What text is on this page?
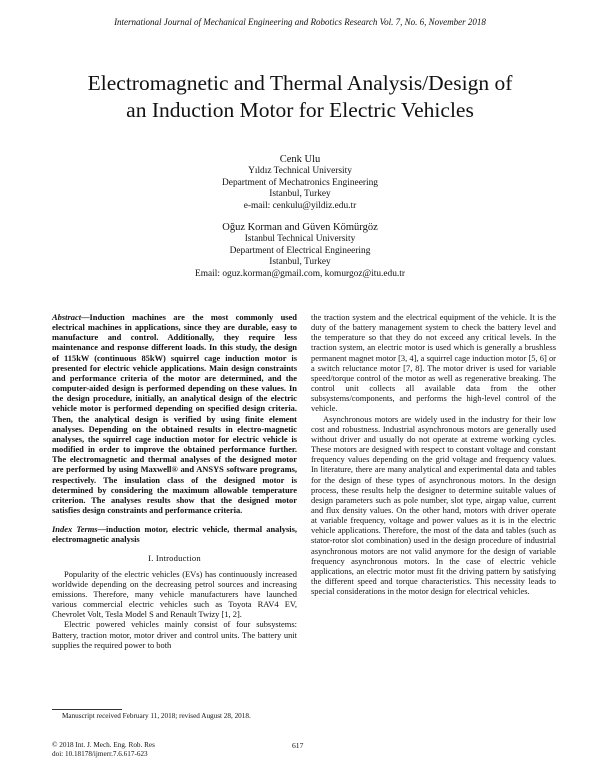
International Journal of Mechanical Engineering and Robotics Research Vol. 7, No. 6, November 2018
Electromagnetic and Thermal Analysis/Design of
an Induction Motor for Electric Vehicles
Cenk Ulu
Yıldız Technical University
Department of Mechatronics Engineering
Istanbul, Turkey
e-mail: cenkulu@yildiz.edu.tr
Oğuz Korman and Güven Kömürgöz
Istanbul Technical University
Department of Electrical Engineering
Istanbul, Turkey
Email: oguz.korman@gmail.com, komurgoz@itu.edu.tr

Abstract—Induction machines are the most commonly used electrical machines in applications, since they are durable, easy to manufacture and control. Additionally, they require less maintenance and response different loads. In this study, the design of 115kW (continuous 85kW) squirrel cage induction motor is presented for electric vehicle applications. Main design constraints and performance criteria of the motor are determined, and the computer-aided design is performed depending on these values. In the design procedure, initially, an analytical design of the electric vehicle motor is performed depending on specified design criteria. Then, the analytical design is verified by using finite element analyses. Depending on the obtained results in electro-magnetic analyses, the squirrel cage induction motor for electric vehicle is modified in order to improve the obtained performance further. The electromagnetic and thermal analyses of the designed motor are performed by using Maxwell® and ANSYS software programs, respectively. The insulation class of the designed motor is determined by considering the maximum allowable temperature criterion. The analyses results show that the designed motor satisfies design constraints and performance criteria.

Index Terms—induction motor, electric vehicle, thermal analysis, electromagnetic analysis

I. Introduction

Popularity of the electric vehicles (EVs) has continuously increased worldwide depending on the decreasing petrol sources and increasing emissions. Therefore, many vehicle manufacturers have launched various commercial electric vehicles such as Toyota RAV4 EV, Chevrolet Volt, Tesla Model S and Renault Twizy [1, 2].

Electric powered vehicles mainly consist of four subsystems: Battery, traction motor, motor driver and control units. The battery unit supplies the required power to both

the traction system and the electrical equipment of the vehicle. It is the duty of the battery management system to check the battery level and the temperature so that they do not exceed any critical levels. In the traction system, an electric motor is used which is generally a brushless permanent magnet motor [3, 4], a squirrel cage induction motor [5, 6] or a switch reluctance motor [7, 8]. The motor driver is used for variable speed/torque control of the motor as well as regenerative breaking. The control unit collects all available data from the other subsystems/components, and performs the high-level control of the vehicle.

Asynchronous motors are widely used in the industry for their low cost and robustness. Industrial asynchronous motors are generally used without driver and usually do not operate at extreme working cycles. These motors are designed with respect to constant voltage and constant frequency values depending on the grid voltage and frequency values. In literature, there are many analytical and experimental data and tables for the design of these types of asynchronous motors. In the design process, these results help the designer to determine suitable values of design parameters such as pole number, slot type, airgap value, current and flux density values. On the other hand, motors with driver operate at variable frequency, voltage and power values as it is in the electric vehicle applications. Therefore, the most of the data and tables (such as stator-rotor slot combination) used in the design procedure of industrial asynchronous motors are not valid anymore for the design of variable frequency asynchronous motors. In the case of electric vehicle applications, an electric motor must fit the driving pattern by satisfying the different speed and torque characteristics. This necessity leads to special considerations in the motor design for electrical vehicles.

Manuscript received February 11, 2018; revised August 28, 2018.
© 2018 Int. J. Mech. Eng. Rob. Res
doi: 10.18178/ijmerr.7.6.617-623
617
